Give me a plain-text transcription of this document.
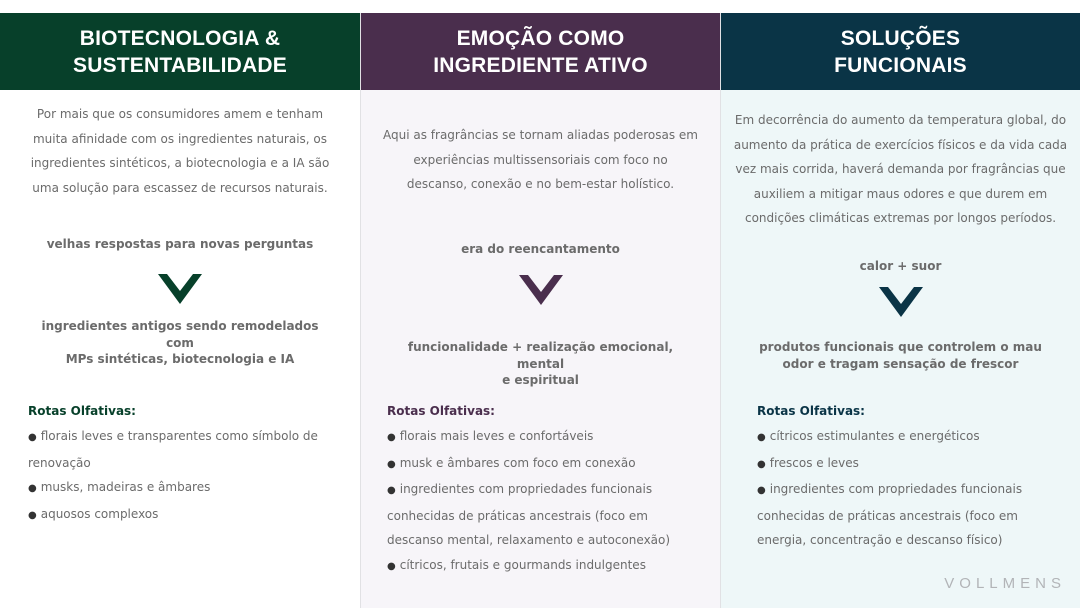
BIOTECNOLOGIA &
SUSTENTABILIDADE

Por mais que os consumidores amem e tenham muita afinidade com os ingredientes naturais, os ingredientes sintéticos, a biotecnologia e a IA são uma solução para escassez de recursos naturais.

velhas respostas para novas perguntas
ingredientes antigos sendo remodelados com
MPs sintéticas, biotecnologia e IA
Rotas Olfativas:
● florais leves e transparentes como símbolo de renovação
● musks, madeiras e âmbares
● aquosos complexos
EMOÇÃO COMO
INGREDIENTE ATIVO

Aqui as fragrâncias se tornam aliadas poderosas em experiências multissensoriais com foco no descanso, conexão e no bem-estar holístico.

era do reencantamento
funcionalidade + realização emocional, mental
e espiritual
Rotas Olfativas:
● florais mais leves e confortáveis
● musk e âmbares com foco em conexão
● ingredientes com propriedades funcionais conhecidas de práticas ancestrais (foco em descanso mental, relaxamento e autoconexão)
● cítricos, frutais e gourmands indulgentes
SOLUÇÕES
FUNCIONAIS

Em decorrência do aumento da temperatura global, do aumento da prática de exercícios físicos e da vida cada vez mais corrida, haverá demanda por fragrâncias que auxiliem a mitigar maus odores e que durem em condições climáticas extremas por longos períodos.

calor + suor
produtos funcionais que controlem o mau
odor e tragam sensação de frescor
Rotas Olfativas:
● cítricos estimulantes e energéticos
● frescos e leves
● ingredientes com propriedades funcionais conhecidas de práticas ancestrais (foco em energia, concentração e descanso físico)
VOLLMENS
